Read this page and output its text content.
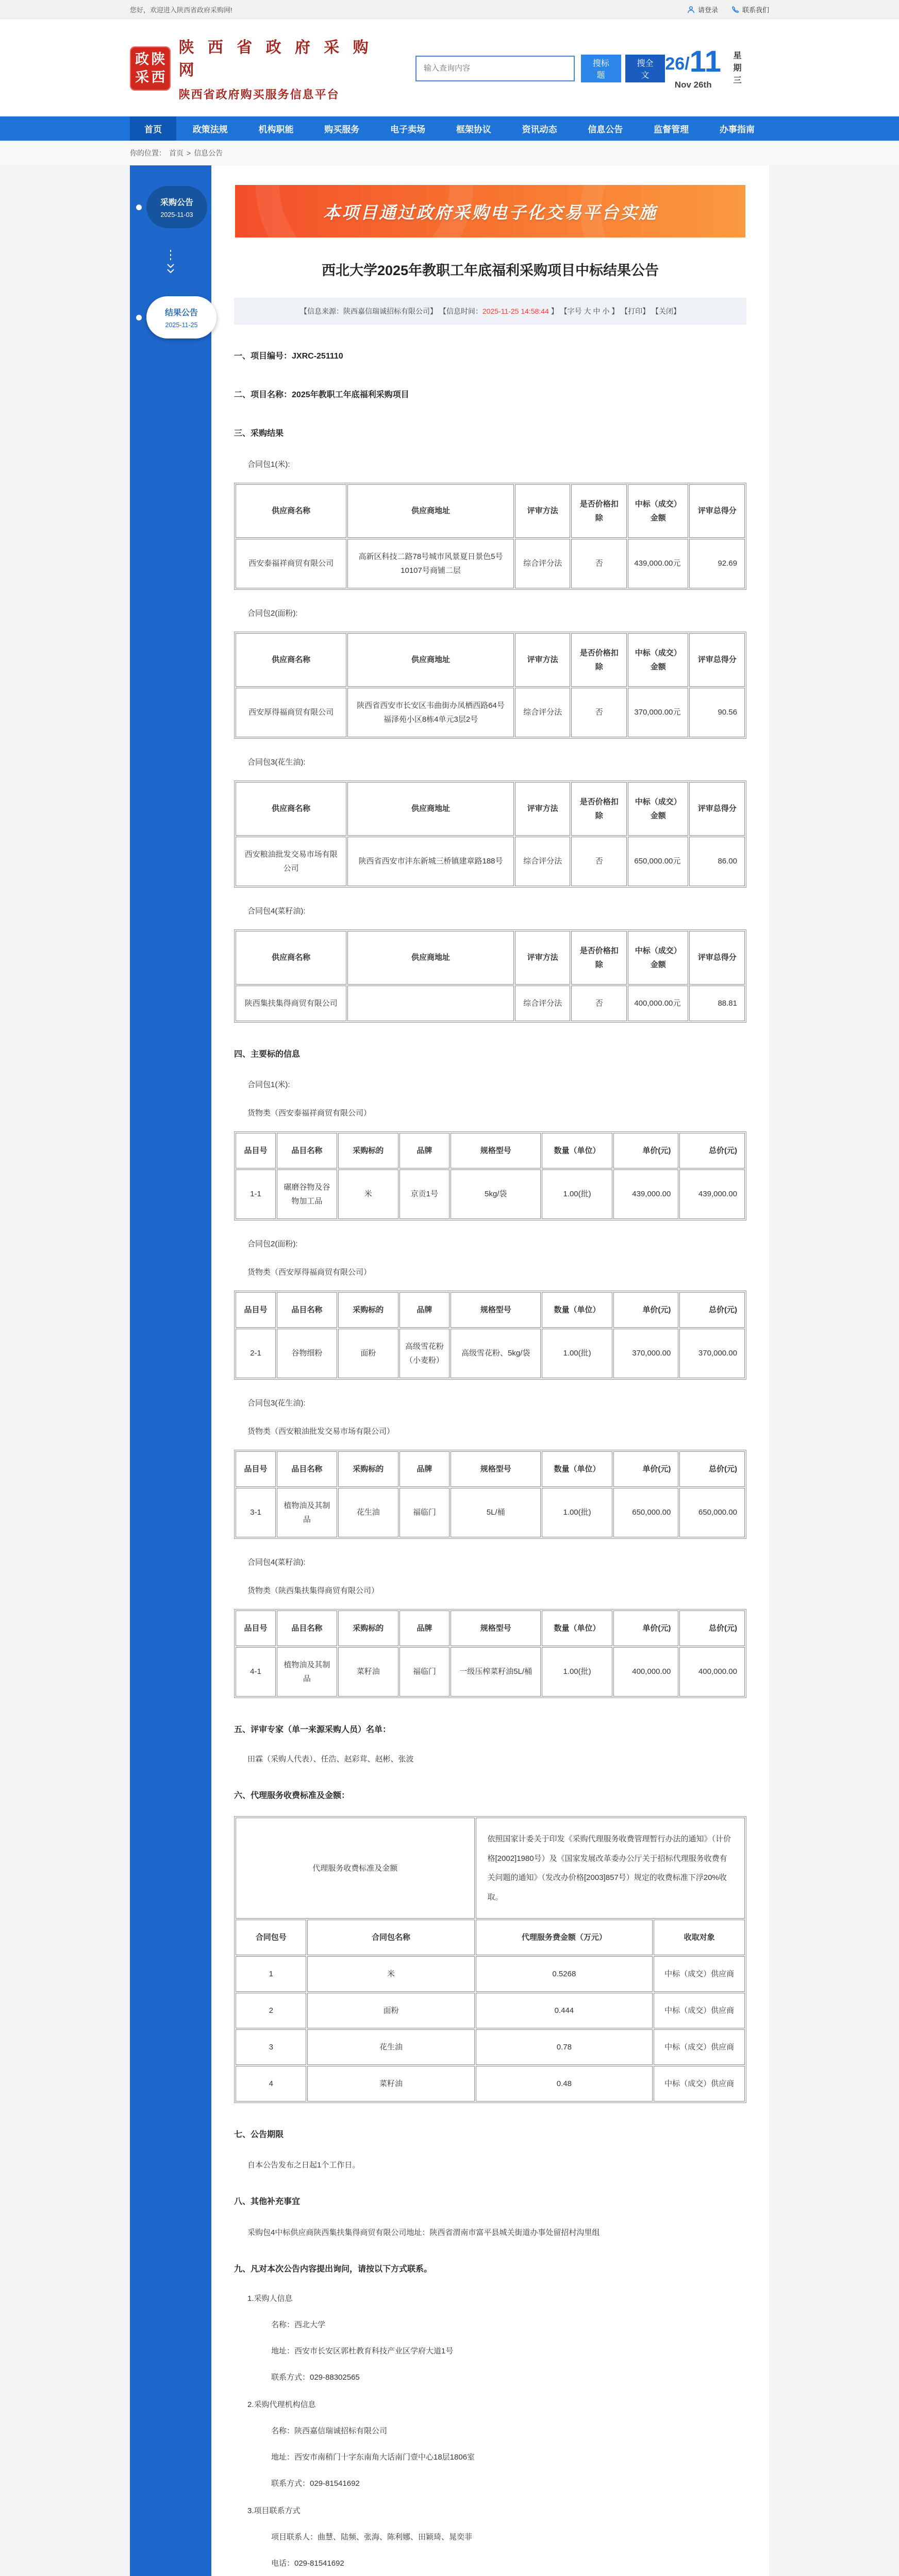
您好，欢迎进入陕西省政府采购网!	请登录	联系我们
政 陕
采 西
陕 西 省 政 府 采 购 网
陕西省政府购买服务信息平台
输入查询内容
搜标题
搜全文
26 / 11
Nov 26th	星期三
首页	政策法规	机构职能	购买服务	电子卖场	框架协议	资讯动态	信息公告	监督管理	办事指南
你的位置： 首页 > 信息公告
采购公告
2025-11-03
结果公告
2025-11-25
本项目通过政府采购电子化交易平台实施
西北大学2025年教职工年底福利采购项目中标结果公告
【信息来源：陕西嘉信瑞诚招标有限公司】 【信息时间：2025-11-25 14:58:44 】 【字号 大 中 小 】 【打印】 【关闭】

一、项目编号：JXRC-251110

二、项目名称：2025年教职工年底福利采购项目

三、采购结果

合同包1(米):

供应商名称	供应商地址	评审方法	是否价格扣除	中标（成交）金额	评审总得分
西安泰福祥商贸有限公司	高新区科技二路78号城市风景夏日景色5号10107号商铺二层	综合评分法	否	439,000.00元	92.69

合同包2(面粉):

供应商名称	供应商地址	评审方法	是否价格扣除	中标（成交）金额	评审总得分
西安厚得福商贸有限公司	陕西省西安市长安区韦曲街办凤栖西路64号 福泽苑小区8栋4单元3层2号	综合评分法	否	370,000.00元	90.56

合同包3(花生油):

供应商名称	供应商地址	评审方法	是否价格扣除	中标（成交）金额	评审总得分
西安粮油批发交易市场有限公司	陕西省西安市沣东新城三桥镇建章路188号	综合评分法	否	650,000.00元	86.00

合同包4(菜籽油):

供应商名称	供应商地址	评审方法	是否价格扣除	中标（成交）金额	评审总得分
陕西集扶集得商贸有限公司		综合评分法	否	400,000.00元	88.81

四、主要标的信息

合同包1(米):

货物类（西安泰福祥商贸有限公司）

品目号	品目名称	采购标的	品牌	规格型号	数量（单位）	单价(元)	总价(元)
1-1	碾磨谷物及谷物加工品	米	京贡1号	5kg/袋	1.00(批)	439,000.00	439,000.00

合同包2(面粉):

货物类（西安厚得福商贸有限公司）

品目号	品目名称	采购标的	品牌	规格型号	数量（单位）	单价(元)	总价(元)
2-1	谷物细粉	面粉	高级雪花粉（小麦粉）	高级雪花粉、5kg/袋	1.00(批)	370,000.00	370,000.00

合同包3(花生油):

货物类（西安粮油批发交易市场有限公司）

品目号	品目名称	采购标的	品牌	规格型号	数量（单位）	单价(元)	总价(元)
3-1	植物油及其制品	花生油	福临门	5L/桶	1.00(批)	650,000.00	650,000.00

合同包4(菜籽油):

货物类（陕西集扶集得商贸有限公司）

品目号	品目名称	采购标的	品牌	规格型号	数量（单位）	单价(元)	总价(元)
4-1	植物油及其制品	菜籽油	福临门	一级压榨菜籽油5L/桶	1.00(批)	400,000.00	400,000.00

五、评审专家（单一来源采购人员）名单：

田霖（采购人代表）、任浩、赵彩茸、赵彬、张波

六、代理服务收费标准及金额：

代理服务收费标准及金额		依照国家计委关于印发《采购代理服务收费管理暂行办法的通知》（计价格[2002]1980号）及《国家发展改革委办公厅关于招标代理服务收费有关问题的通知》（发改办价格[2003]857号）规定的收费标准下浮20%收取。	
合同包号	合同包名称	代理服务费金额（万元）	收取对象
1	米	0.5268	中标（成交）供应商
2	面粉	0.444	中标（成交）供应商
3	花生油	0.78	中标（成交）供应商
4	菜籽油	0.48	中标（成交）供应商

七、公告期限

自本公告发布之日起1个工作日。

八、其他补充事宜

采购包4中标供应商陕西集扶集得商贸有限公司地址：陕西省渭南市富平县城关街道办事处留招村沟里组

九、凡对本次公告内容提出询问，请按以下方式联系。

1.采购人信息

名称：西北大学

地址：西安市长安区郭杜教育科技产业区学府大道1号

联系方式：029-88302565

2.采购代理机构信息

名称：陕西嘉信瑞诚招标有限公司

地址：西安市南稍门十字东南角大话南门壹中心18层1806室

联系方式：029-81541692

3.项目联系方式

项目联系人：曲慧、陆频、张海、陈利娜、田颖琦、晁奕菲

电话：029-81541692
